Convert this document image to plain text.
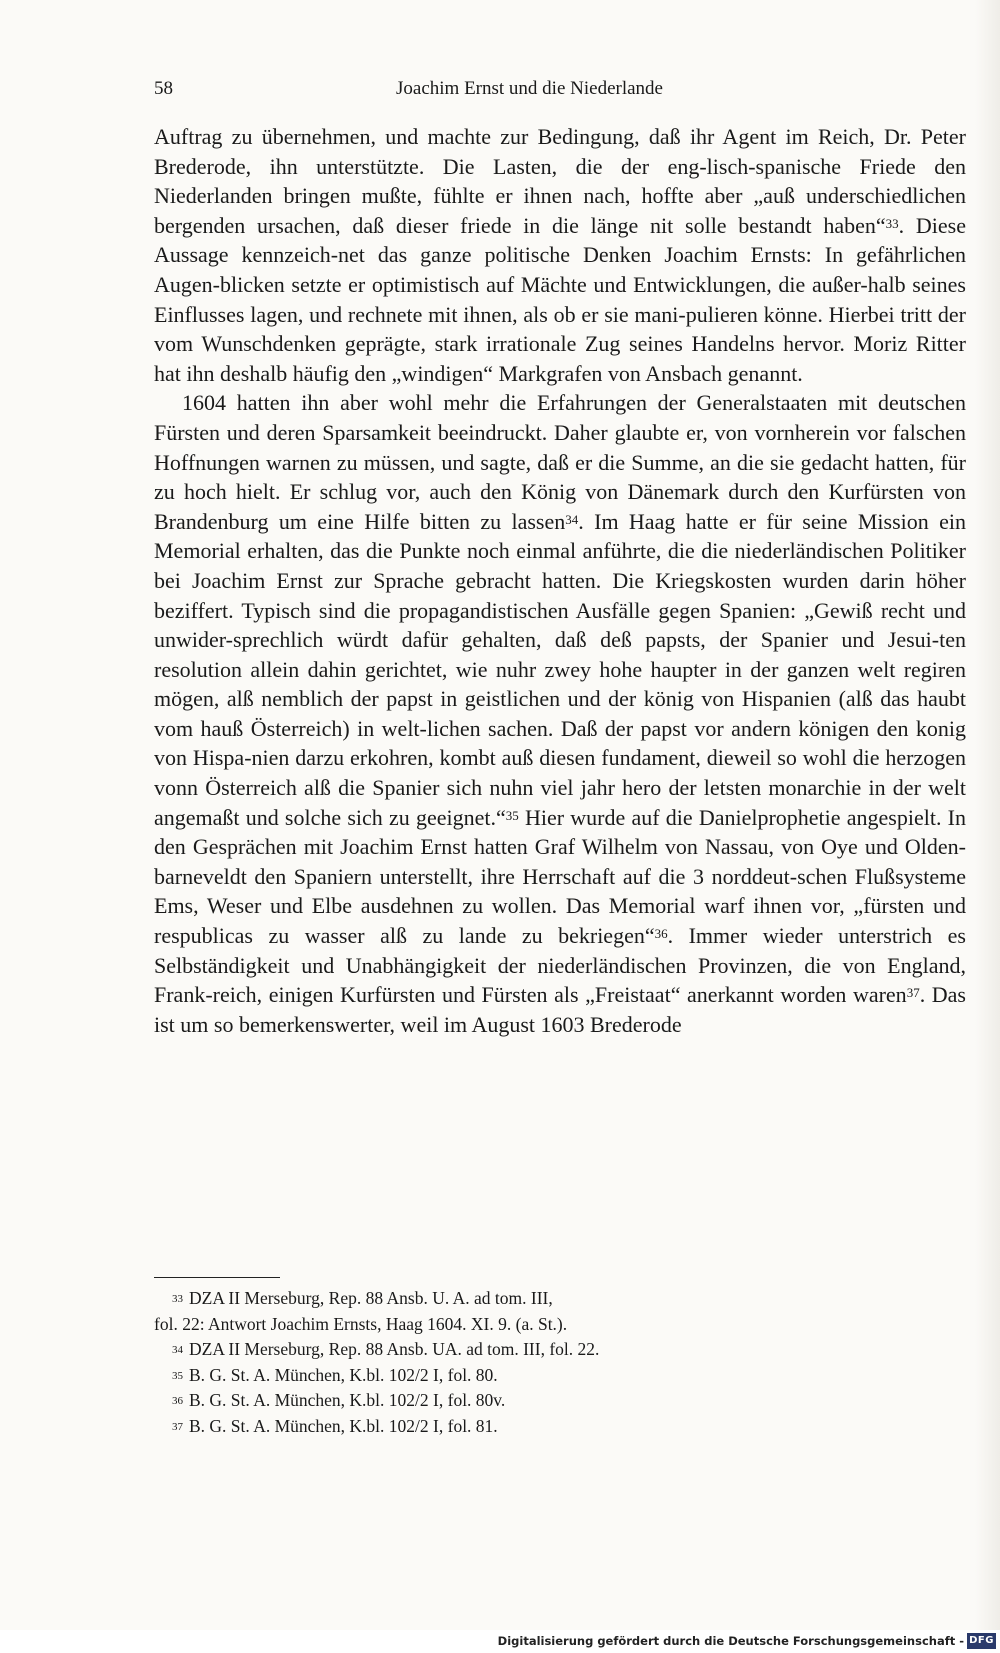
58	Joachim Ernst und die Niederlande

Auftrag zu übernehmen, und machte zur Bedingung, daß ihr Agent im Reich, Dr. Peter Brederode, ihn unterstützte. Die Lasten, die der eng-lisch-spanische Friede den Niederlanden bringen mußte, fühlte er ihnen nach, hoffte aber „auß underschiedlichen bergenden ursachen, daß dieser friede in die länge nit solle bestandt haben“$^{33}$. Diese Aussage kennzeich-net das ganze politische Denken Joachim Ernsts: In gefährlichen Augen-blicken setzte er optimistisch auf Mächte und Entwicklungen, die außer-halb seines Einflusses lagen, und rechnete mit ihnen, als ob er sie mani-pulieren könne. Hierbei tritt der vom Wunschdenken geprägte, stark irrationale Zug seines Handelns hervor. Moriz Ritter hat ihn deshalb häufig den „windigen“ Markgrafen von Ansbach genannt.

1604 hatten ihn aber wohl mehr die Erfahrungen der Generalstaaten mit deutschen Fürsten und deren Sparsamkeit beeindruckt. Daher glaubte er, von vornherein vor falschen Hoffnungen warnen zu müssen, und sagte, daß er die Summe, an die sie gedacht hatten, für zu hoch hielt. Er schlug vor, auch den König von Dänemark durch den Kurfürsten von Brandenburg um eine Hilfe bitten zu lassen$^{34}$. Im Haag hatte er für seine Mission ein Memorial erhalten, das die Punkte noch einmal anführte, die die niederländischen Politiker bei Joachim Ernst zur Sprache gebracht hatten. Die Kriegskosten wurden darin höher beziffert. Typisch sind die propagandistischen Ausfälle gegen Spanien: „Gewiß recht und unwider-sprechlich würdt dafür gehalten, daß deß papsts, der Spanier und Jesui-ten resolution allein dahin gerichtet, wie nuhr zwey hohe haupter in der ganzen welt regiren mögen, alß nemblich der papst in geistlichen und der könig von Hispanien (alß das haubt vom hauß Österreich) in welt-lichen sachen. Daß der papst vor andern königen den konig von Hispa-nien darzu erkohren, kombt auß diesen fundament, dieweil so wohl die herzogen vonn Österreich alß die Spanier sich nuhn viel jahr hero der letsten monarchie in der welt angemaßt und solche sich zu geeignet.“$^{35}$ Hier wurde auf die Danielprophetie angespielt. In den Gesprächen mit Joachim Ernst hatten Graf Wilhelm von Nassau, von Oye und Olden-barneveldt den Spaniern unterstellt, ihre Herrschaft auf die 3 norddeut-schen Flußsysteme Ems, Weser und Elbe ausdehnen zu wollen. Das Memorial warf ihnen vor, „fürsten und respublicas zu wasser alß zu lande zu bekriegen“$^{36}$. Immer wieder unterstrich es Selbständigkeit und Unabhängigkeit der niederländischen Provinzen, die von England, Frank-reich, einigen Kurfürsten und Fürsten als „Freistaat“ anerkannt worden waren$^{37}$. Das ist um so bemerkenswerter, weil im August 1603 Brederode

$^{33}$ DZA II Merseburg, Rep. 88 Ansb. U. A. ad tom. III,
fol. 22: Antwort Joachim Ernsts, Haag 1604. XI. 9. (a. St.).
$^{34}$ DZA II Merseburg, Rep. 88 Ansb. UA. ad tom. III, fol. 22.
$^{35}$ B. G. St. A. München, K.bl. 102/2 I, fol. 80.
$^{36}$ B. G. St. A. München, K.bl. 102/2 I, fol. 80v.
$^{37}$ B. G. St. A. München, K.bl. 102/2 I, fol. 81.
Digitalisierung gefördert durch die Deutsche Forschungsgemeinschaft - DFG
